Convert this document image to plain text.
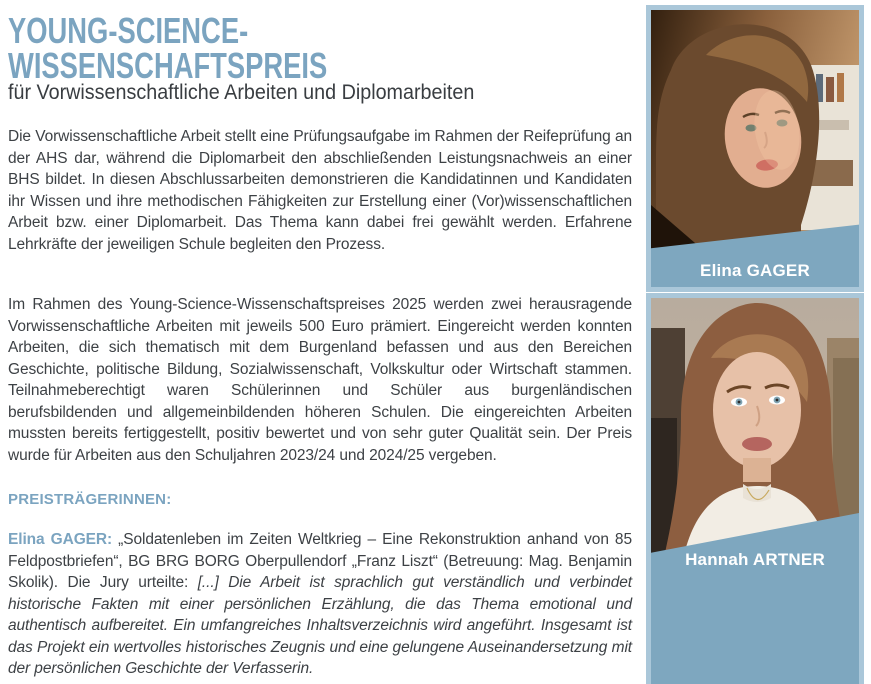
YOUNG-SCIENCE-
WISSENSCHAFTSPREIS
für Vorwissenschaftliche Arbeiten und Diplomarbeiten

Die Vorwissenschaftliche Arbeit stellt eine Prüfungsaufgabe im Rahmen der Reifeprüfung an der AHS dar, während die Diplomarbeit den abschließenden Leistungsnachweis an einer BHS bildet. In diesen Abschlussarbeiten demonstrieren die Kandidatinnen und Kandidaten ihr Wissen und ihre methodischen Fähigkeiten zur Erstellung einer (Vor)wissenschaftlichen Arbeit bzw. einer Diplomarbeit. Das Thema kann dabei frei gewählt werden. Erfahrene Lehrkräfte der jeweiligen Schule begleiten den Prozess.

Im Rahmen des Young-Science-Wissenschaftspreises 2025 werden zwei herausragende Vorwissenschaftliche Arbeiten mit jeweils 500 Euro prämiert. Eingereicht werden konnten Arbeiten, die sich thematisch mit dem Burgenland befassen und aus den Bereichen Geschichte, politische Bildung, Sozialwissenschaft, Volkskultur oder Wirtschaft stammen. Teilnahmeberechtigt waren Schülerinnen und Schüler aus burgenländischen berufsbildenden und allgemeinbildenden höheren Schulen. Die eingereichten Arbeiten mussten bereits fertiggestellt, positiv bewertet und von sehr guter Qualität sein. Der Preis wurde für Arbeiten aus den Schuljahren 2023/24 und 2024/25 vergeben.

PREISTRÄGERINNEN:

Elina GAGER: „Soldatenleben im Zeiten Weltkrieg – Eine Rekonstruktion anhand von 85 Feldpostbriefen“, BG BRG BORG Oberpullendorf „Franz Liszt“ (Betreuung: Mag. Benjamin Skolik). Die Jury urteilte: [...] Die Arbeit ist sprachlich gut verständlich und verbindet historische Fakten mit einer persönlichen Erzählung, die das Thema emotional und authentisch aufbereitet. Ein umfangreiches Inhaltsverzeichnis wird angeführt. Insgesamt ist das Projekt ein wertvolles historisches Zeugnis und eine gelungene Auseinandersetzung mit der persönlichen Geschichte der Verfasserin.

Elina GAGER
Hannah ARTNER
